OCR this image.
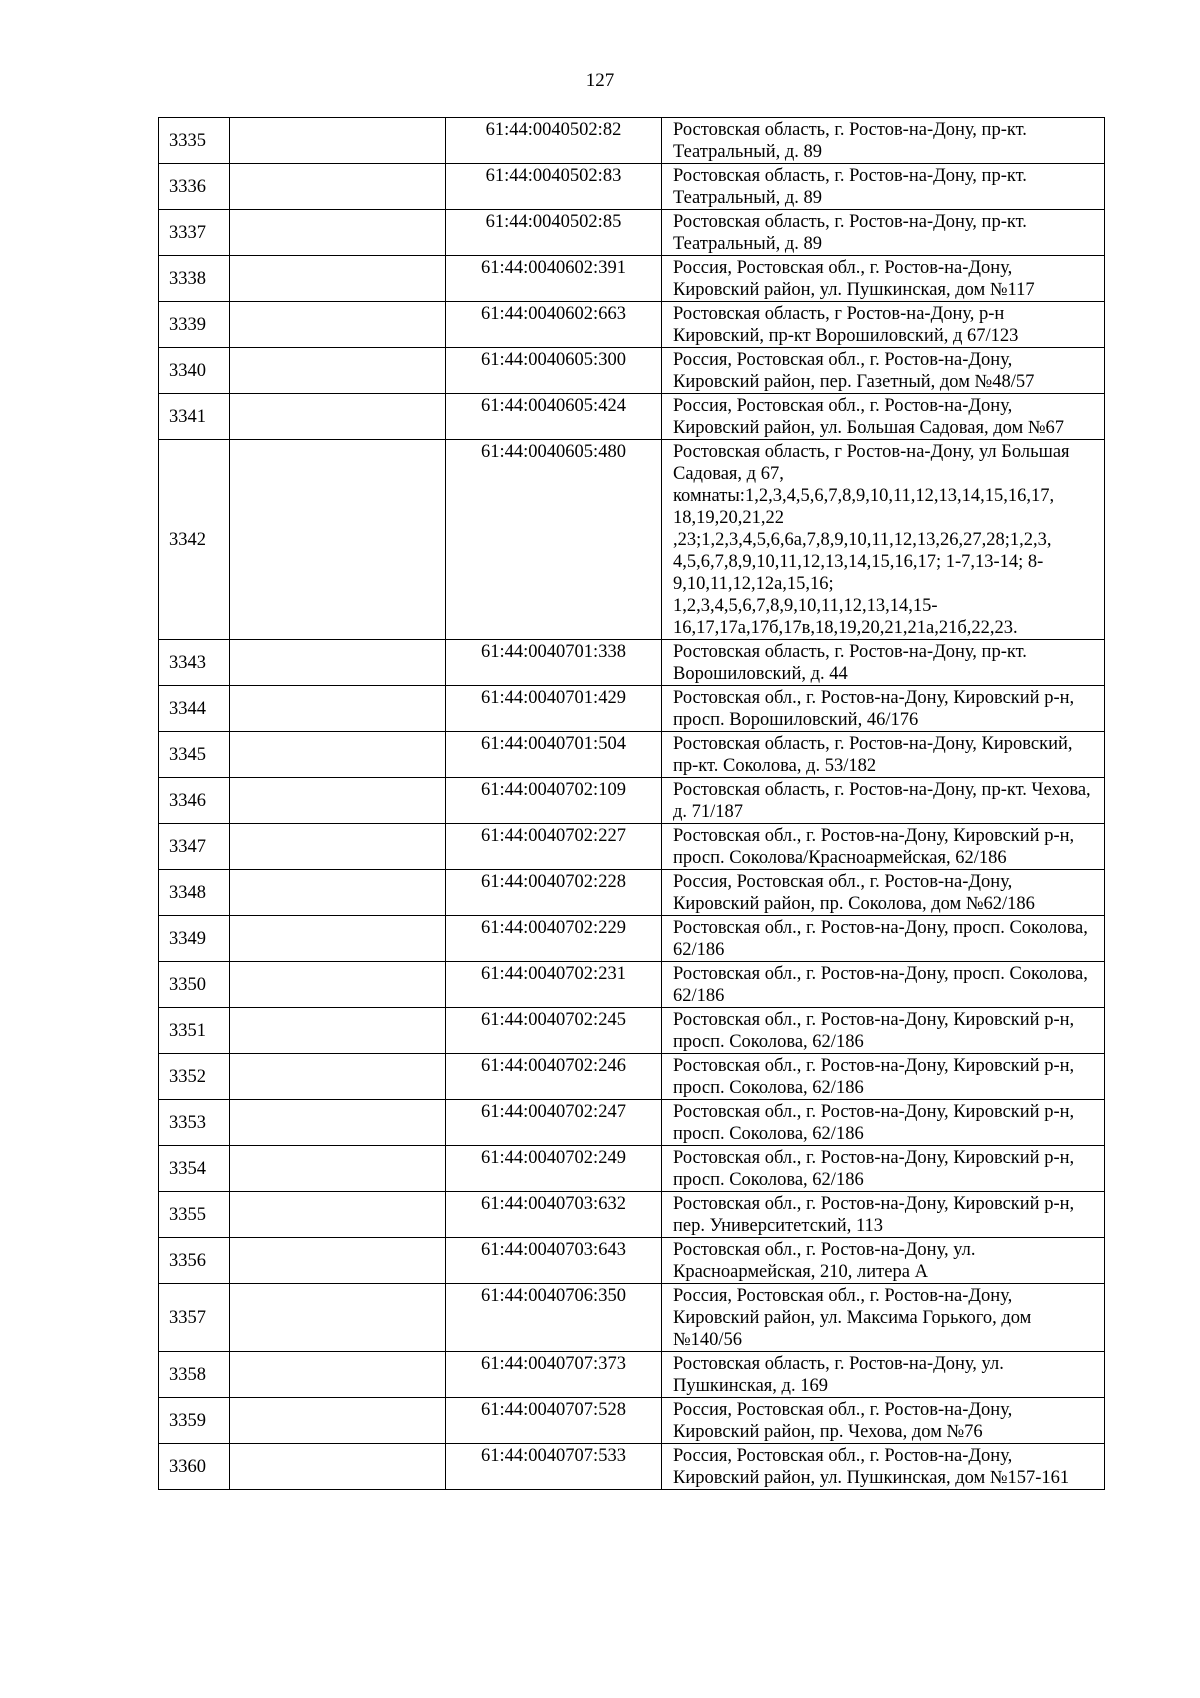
127
3335		61:44:0040502:82	Ростовская область, г. Ростов-на-Дону, пр-кт. Театральный, д. 89
3336		61:44:0040502:83	Ростовская область, г. Ростов-на-Дону, пр-кт. Театральный, д. 89
3337		61:44:0040502:85	Ростовская область, г. Ростов-на-Дону, пр-кт. Театральный, д. 89
3338		61:44:0040602:391	Россия, Ростовская обл., г. Ростов-на-Дону, Кировский район, ул. Пушкинская, дом №117
3339		61:44:0040602:663	Ростовская область, г Ростов-на-Дону, р-н Кировский, пр-кт Ворошиловский, д 67/123
3340		61:44:0040605:300	Россия, Ростовская обл., г. Ростов-на-Дону, Кировский район, пер. Газетный, дом №48/57
3341		61:44:0040605:424	Россия, Ростовская обл., г. Ростов-на-Дону, Кировский район, ул. Большая Садовая, дом №67
3342		61:44:0040605:480	Ростовская область, г Ростов-на-Дону, ул Большая Садовая, д 67, комнаты:1,2,3,4,5,6,7,8,9,10,11,12,13,14,15,16,17, 18,19,20,21,22 ,23;1,2,3,4,5,6,6а,7,8,9,10,11,12,13,26,27,28;1,2,3, 4,5,6,7,8,9,10,11,12,13,14,15,16,17; 1-7,13-14; 8-9,10,11,12,12а,15,16; 1,2,3,4,5,6,7,8,9,10,11,12,13,14,15-16,17,17а,17б,17в,18,19,20,21,21а,21б,22,23.
3343		61:44:0040701:338	Ростовская область, г. Ростов-на-Дону, пр-кт. Ворошиловский, д. 44
3344		61:44:0040701:429	Ростовская обл., г. Ростов-на-Дону, Кировский р-н, просп. Ворошиловский, 46/176
3345		61:44:0040701:504	Ростовская область, г. Ростов-на-Дону, Кировский, пр-кт. Соколова, д. 53/182
3346		61:44:0040702:109	Ростовская область, г. Ростов-на-Дону, пр-кт. Чехова, д. 71/187
3347		61:44:0040702:227	Ростовская обл., г. Ростов-на-Дону, Кировский р-н, просп. Соколова/Красноармейская, 62/186
3348		61:44:0040702:228	Россия, Ростовская обл., г. Ростов-на-Дону, Кировский район, пр. Соколова, дом №62/186
3349		61:44:0040702:229	Ростовская обл., г. Ростов-на-Дону, просп. Соколова, 62/186
3350		61:44:0040702:231	Ростовская обл., г. Ростов-на-Дону, просп. Соколова, 62/186
3351		61:44:0040702:245	Ростовская обл., г. Ростов-на-Дону, Кировский р-н, просп. Соколова, 62/186
3352		61:44:0040702:246	Ростовская обл., г. Ростов-на-Дону, Кировский р-н, просп. Соколова, 62/186
3353		61:44:0040702:247	Ростовская обл., г. Ростов-на-Дону, Кировский р-н, просп. Соколова, 62/186
3354		61:44:0040702:249	Ростовская обл., г. Ростов-на-Дону, Кировский р-н, просп. Соколова, 62/186
3355		61:44:0040703:632	Ростовская обл., г. Ростов-на-Дону, Кировский р-н, пер. Университетский, 113
3356		61:44:0040703:643	Ростовская обл., г. Ростов-на-Дону, ул. Красноармейская, 210, литера А
3357		61:44:0040706:350	Россия, Ростовская обл., г. Ростов-на-Дону, Кировский район, ул. Максима Горького, дом №140/56
3358		61:44:0040707:373	Ростовская область, г. Ростов-на-Дону, ул. Пушкинская, д. 169
3359		61:44:0040707:528	Россия, Ростовская обл., г. Ростов-на-Дону, Кировский район, пр. Чехова, дом №76
3360		61:44:0040707:533	Россия, Ростовская обл., г. Ростов-на-Дону, Кировский район, ул. Пушкинская, дом №157-161
